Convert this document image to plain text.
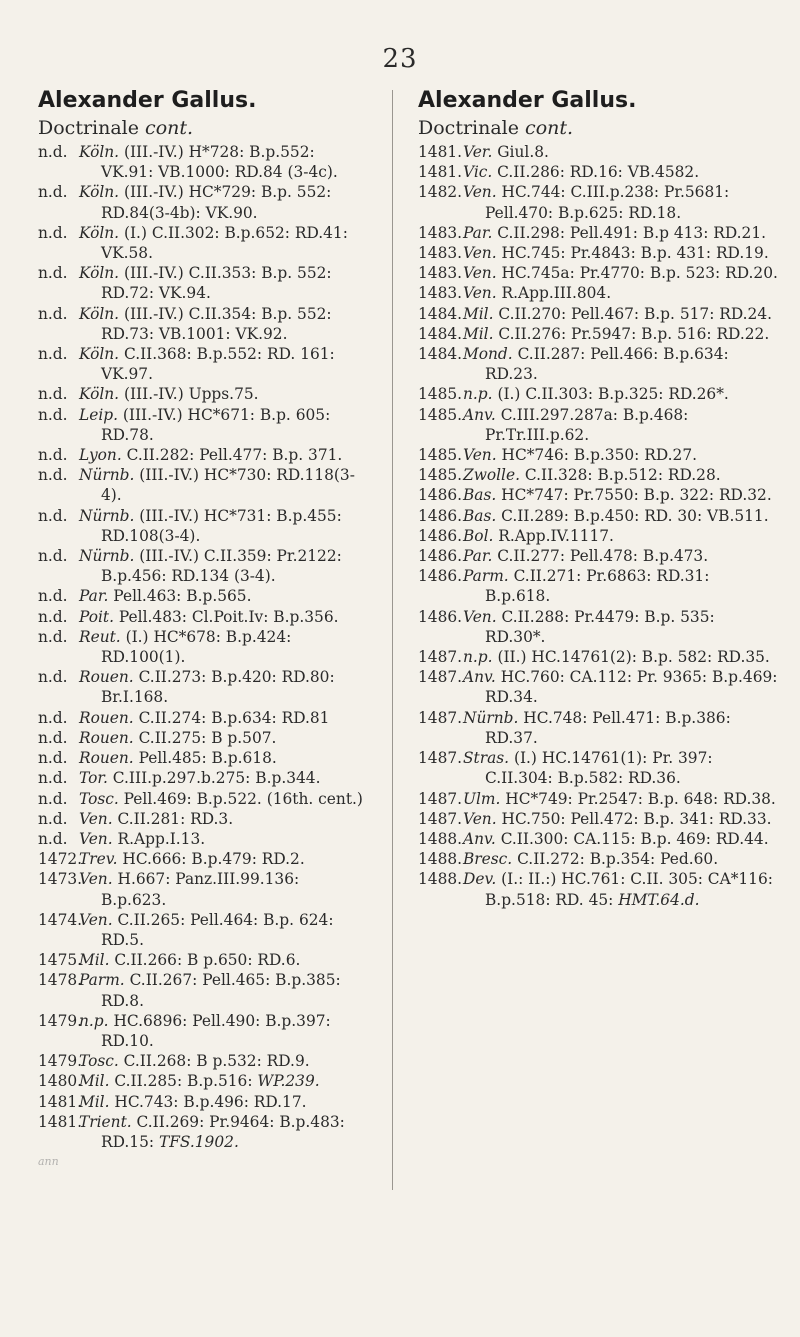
23
Alexander Gallus.
Doctrinale cont.
n.d. Köln. (III.-IV.) H*728: B.p.552: VK.91: VB.1000: RD.84 (3-4c).
n.d. Köln. (III.-IV.) HC*729: B.p. 552: RD.84(3-4b): VK.90.
n.d. Köln. (I.) C.II.302: B.p.652: RD.41: VK.58.
n.d. Köln. (III.-IV.) C.II.353: B.p. 552: RD.72: VK.94.
n.d. Köln. (III.-IV.) C.II.354: B.p. 552: RD.73: VB.1001: VK.92.
n.d. Köln. C.II.368: B.p.552: RD. 161: VK.97.
n.d. Köln. (III.-IV.) Upps.75.
n.d. Leip. (III.-IV.) HC*671: B.p. 605: RD.78.
n.d. Lyon. C.II.282: Pell.477: B.p. 371.
n.d. Nürnb. (III.-IV.) HC*730: RD.118(3-4).
n.d. Nürnb. (III.-IV.) HC*731: B.p.455: RD.108(3-4).
n.d. Nürnb. (III.-IV.) C.II.359: Pr.2122: B.p.456: RD.134 (3-4).
n.d. Par. Pell.463: B.p.565.
n.d. Poit. Pell.483: Cl.Poit.Iv: B.p.356.
n.d. Reut. (I.) HC*678: B.p.424: RD.100(1).
n.d. Rouen. C.II.273: B.p.420: RD.80: Br.I.168.
n.d. Rouen. C.II.274: B.p.634: RD.81
n.d. Rouen. C.II.275: B p.507.
n.d. Rouen. Pell.485: B.p.618.
n.d. Tor. C.III.p.297.b.275: B.p.344.
n.d. Tosc. Pell.469: B.p.522. (16th. cent.)
n.d. Ven. C.II.281: RD.3.
n.d. Ven. R.App.I.13.
1472.
Trev. HC.666: B.p.479: RD.2.
1473.
Ven. H.667: Panz.III.99.136: B.p.623.
1474.
Ven. C.II.265: Pell.464: B.p. 624: RD.5.
1475.
Mil. C.II.266: B p.650: RD.6.
1478.
Parm. C.II.267: Pell.465: B.p.385: RD.8.
1479.
n.p. HC.6896: Pell.490: B.p.397: RD.10.
1479.
Tosc. C.II.268: B p.532: RD.9.
1480.
Mil. C.II.285: B.p.516: WP.239.
1481.
Mil. HC.743: B.p.496: RD.17.
1481.
Trient. C.II.269: Pr.9464: B.p.483: RD.15: TFS.1902.
ann
Alexander Gallus.
Doctrinale cont.
1481. Ver. Giul.8.
1481. Vic. C.II.286: RD.16: VB.4582.
1482. Ven. HC.744: C.III.p.238: Pr.5681: Pell.470: B.p.625: RD.18.
1483. Par. C.II.298: Pell.491: B.p 413: RD.21.
1483. Ven. HC.745: Pr.4843: B.p. 431: RD.19.
1483. Ven. HC.745a: Pr.4770: B.p. 523: RD.20.
1483. Ven. R.App.III.804.
1484. Mil. C.II.270: Pell.467: B.p. 517: RD.24.
1484. Mil. C.II.276: Pr.5947: B.p. 516: RD.22.
1484. Mond. C.II.287: Pell.466: B.p.634: RD.23.
1485. n.p. (I.) C.II.303: B.p.325: RD.26*.
1485. Anv. C.III.297.287a: B.p.468: Pr.Tr.III.p.62.
1485. Ven. HC*746: B.p.350: RD.27.
1485. Zwolle. C.II.328: B.p.512: RD.28.
1486. Bas. HC*747: Pr.7550: B.p. 322: RD.32.
1486. Bas. C.II.289: B.p.450: RD. 30: VB.511.
1486. Bol. R.App.IV.1117.
1486. Par. C.II.277: Pell.478: B.p.473.
1486. Parm. C.II.271: Pr.6863: RD.31: B.p.618.
1486. Ven. C.II.288: Pr.4479: B.p. 535: RD.30*.
1487. n.p. (II.) HC.14761(2): B.p. 582: RD.35.
1487. Anv. HC.760: CA.112: Pr. 9365: B.p.469: RD.34.
1487. Nürnb. HC.748: Pell.471: B.p.386: RD.37.
1487. Stras. (I.) HC.14761(1): Pr. 397: C.II.304: B.p.582: RD.36.
1487. Ulm. HC*749: Pr.2547: B.p. 648: RD.38.
1487. Ven. HC.750: Pell.472: B.p. 341: RD.33.
1488. Anv. C.II.300: CA.115: B.p. 469: RD.44.
1488. Bresc. C.II.272: B.p.354: Ped.60.
1488. Dev. (I.: II.:) HC.761: C.II. 305: CA*116: B.p.518: RD. 45: HMT.64.d.
